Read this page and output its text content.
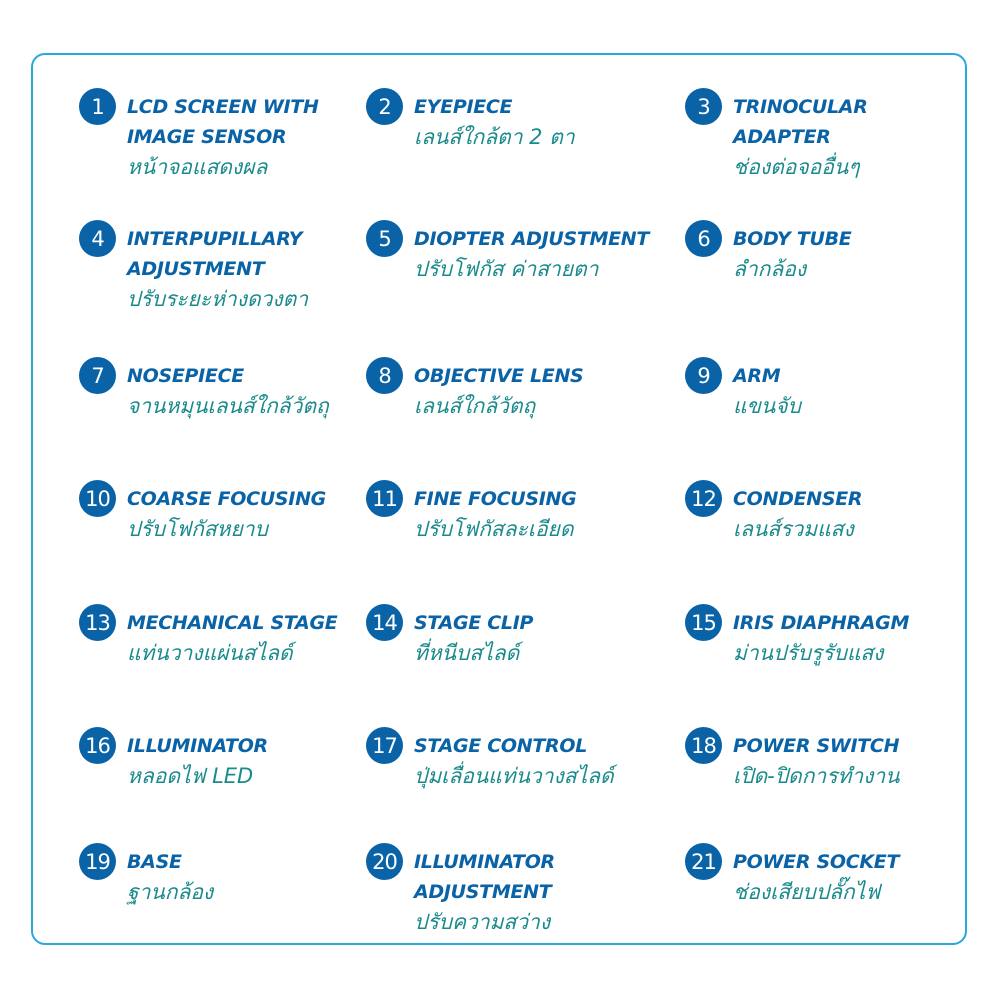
1	LCD SCREEN WITH
IMAGE SENSOR
หน้าจอแสดงผล
2	EYEPIECE
เลนส์ใกล้ตา 2 ตา
3	TRINOCULAR
ADAPTER
ช่องต่อจออื่นๆ
4	INTERPUPILLARY
ADJUSTMENT
ปรับระยะห่างดวงตา
5	DIOPTER ADJUSTMENT
ปรับโฟกัส ค่าสายตา
6	BODY TUBE
ลำกล้อง
7	NOSEPIECE
จานหมุนเลนส์ใกล้วัตถุ
8	OBJECTIVE LENS
เลนส์ใกล้วัตถุ
9	ARM
แขนจับ
10 COARSE FOCUSING
ปรับโฟกัสหยาบ
11 FINE FOCUSING
ปรับโฟกัสละเอียด
12 CONDENSER
เลนส์รวมแสง
13 MECHANICAL STAGE
แท่นวางแผ่นสไลด์
14 STAGE CLIP
ที่หนีบสไลด์
15 IRIS DIAPHRAGM
ม่านปรับรูรับแสง
16 ILLUMINATOR
หลอดไฟ LED
17 STAGE CONTROL
ปุ่มเลื่อนแท่นวางสไลด์
18 POWER SWITCH
เปิด-ปิดการทำงาน
19 BASE
ฐานกล้อง
20 ILLUMINATOR
ADJUSTMENT
ปรับความสว่าง
21 POWER SOCKET
ช่องเสียบปลั๊กไฟ
